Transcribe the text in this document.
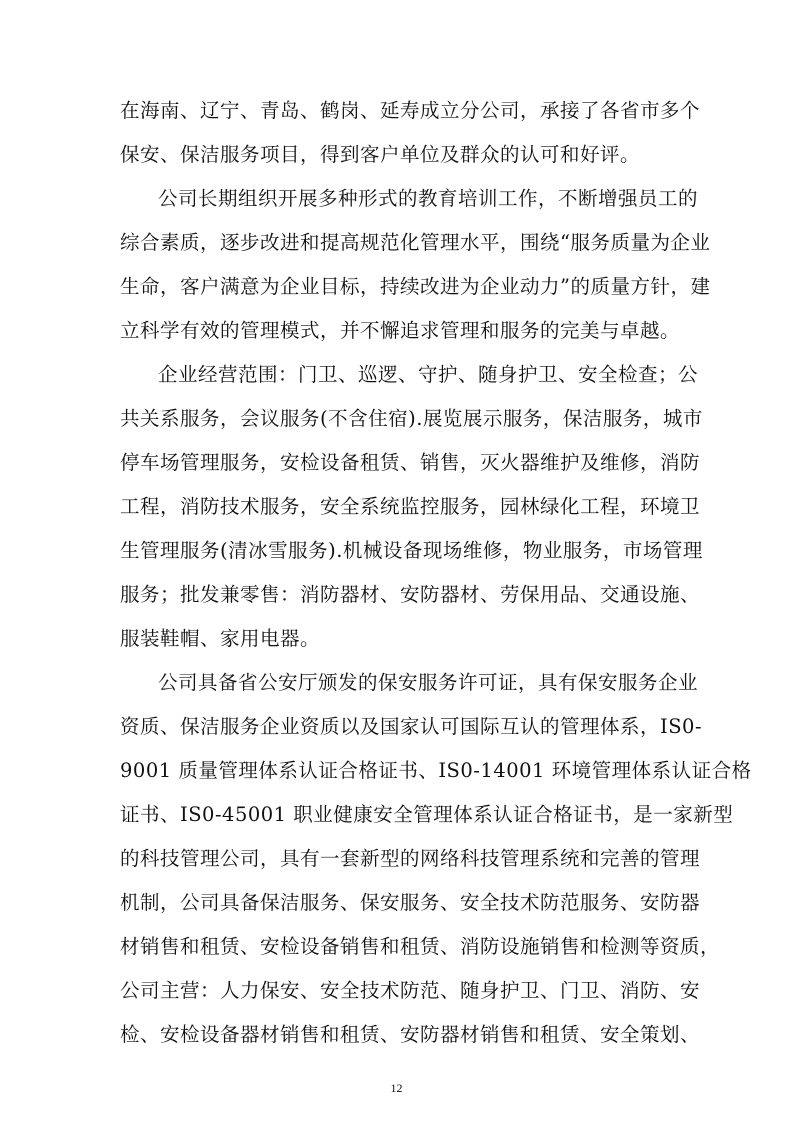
在海南、辽宁、青岛、鹤岗、延寿成立分公司，承接了各省市多个
保安、保洁服务项目，得到客户单位及群众的认可和好评。
公司长期组织开展多种形式的教育培训工作，不断增强员工的
综合素质，逐步改进和提高规范化管理水平，围绕“服务质量为企业
生命，客户满意为企业目标，持续改进为企业动力”的质量方针，建
立科学有效的管理模式，并不懈追求管理和服务的完美与卓越。
企业经营范围：门卫、巡逻、守护、随身护卫、安全检查；公
共关系服务，会议服务(不含住宿).展览展示服务，保洁服务，城市
停车场管理服务，安检设备租赁、销售，灭火器维护及维修，消防
工程，消防技术服务，安全系统监控服务，园林绿化工程，环境卫
生管理服务(清冰雪服务).机械设备现场维修，物业服务，市场管理
服务；批发兼零售：消防器材、安防器材、劳保用品、交通设施、
服装鞋帽、家用电器。
公司具备省公安厅颁发的保安服务许可证，具有保安服务企业
资质、保洁服务企业资质以及国家认可国际互认的管理体系，IS0-
9001 质量管理体系认证合格证书、IS0-14001 环境管理体系认证合格
证书、IS0-45001 职业健康安全管理体系认证合格证书，是一家新型
的科技管理公司，具有一套新型的网络科技管理系统和完善的管理
机制，公司具备保洁服务、保安服务、安全技术防范服务、安防器
材销售和租赁、安检设备销售和租赁、消防设施销售和检测等资质，
公司主营：人力保安、安全技术防范、随身护卫、门卫、消防、安
检、安检设备器材销售和租赁、安防器材销售和租赁、安全策划、
12
